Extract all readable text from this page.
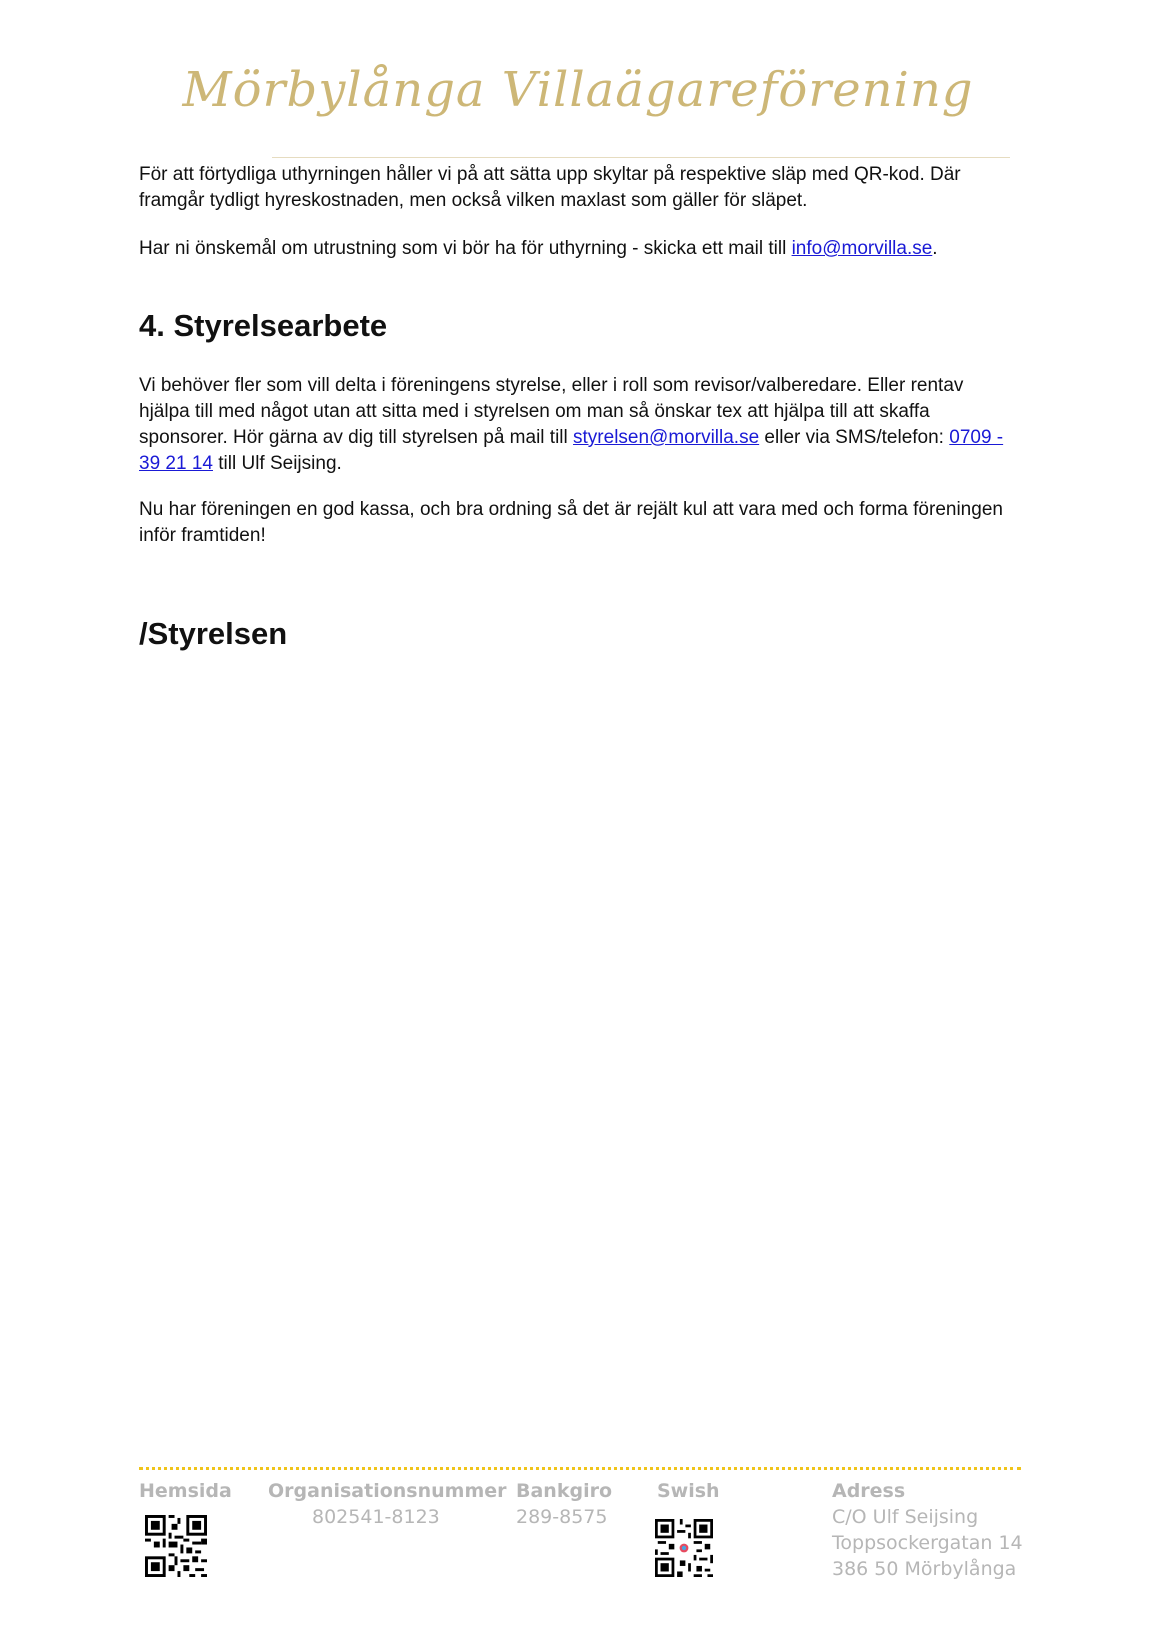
Mörbylånga Villaägareförening

För att förtydliga uthyrningen håller vi på att sätta upp skyltar på respektive släp med QR-kod. Där framgår tydligt hyreskostnaden, men också vilken maxlast som gäller för släpet.

Har ni önskemål om utrustning som vi bör ha för uthyrning - skicka ett mail till info@morvilla.se.

4. Styrelsearbete

Vi behöver fler som vill delta i föreningens styrelse, eller i roll som revisor/valberedare. Eller rentav hjälpa till med något utan att sitta med i styrelsen om man så önskar tex att hjälpa till att skaffa sponsorer. Hör gärna av dig till styrelsen på mail till styrelsen@morvilla.se eller via SMS/telefon: 0709 - 39 21 14 till Ulf Seijsing.

Nu har föreningen en god kassa, och bra ordning så det är rejält kul att vara med och forma föreningen inför framtiden!

/Styrelsen
Hemsida Organisationsnummer
802541-8123
Bankgiro
289-8575
Swish	Adress
C/O Ulf Seijsing
Toppsockergatan 14
386 50 Mörbylånga
